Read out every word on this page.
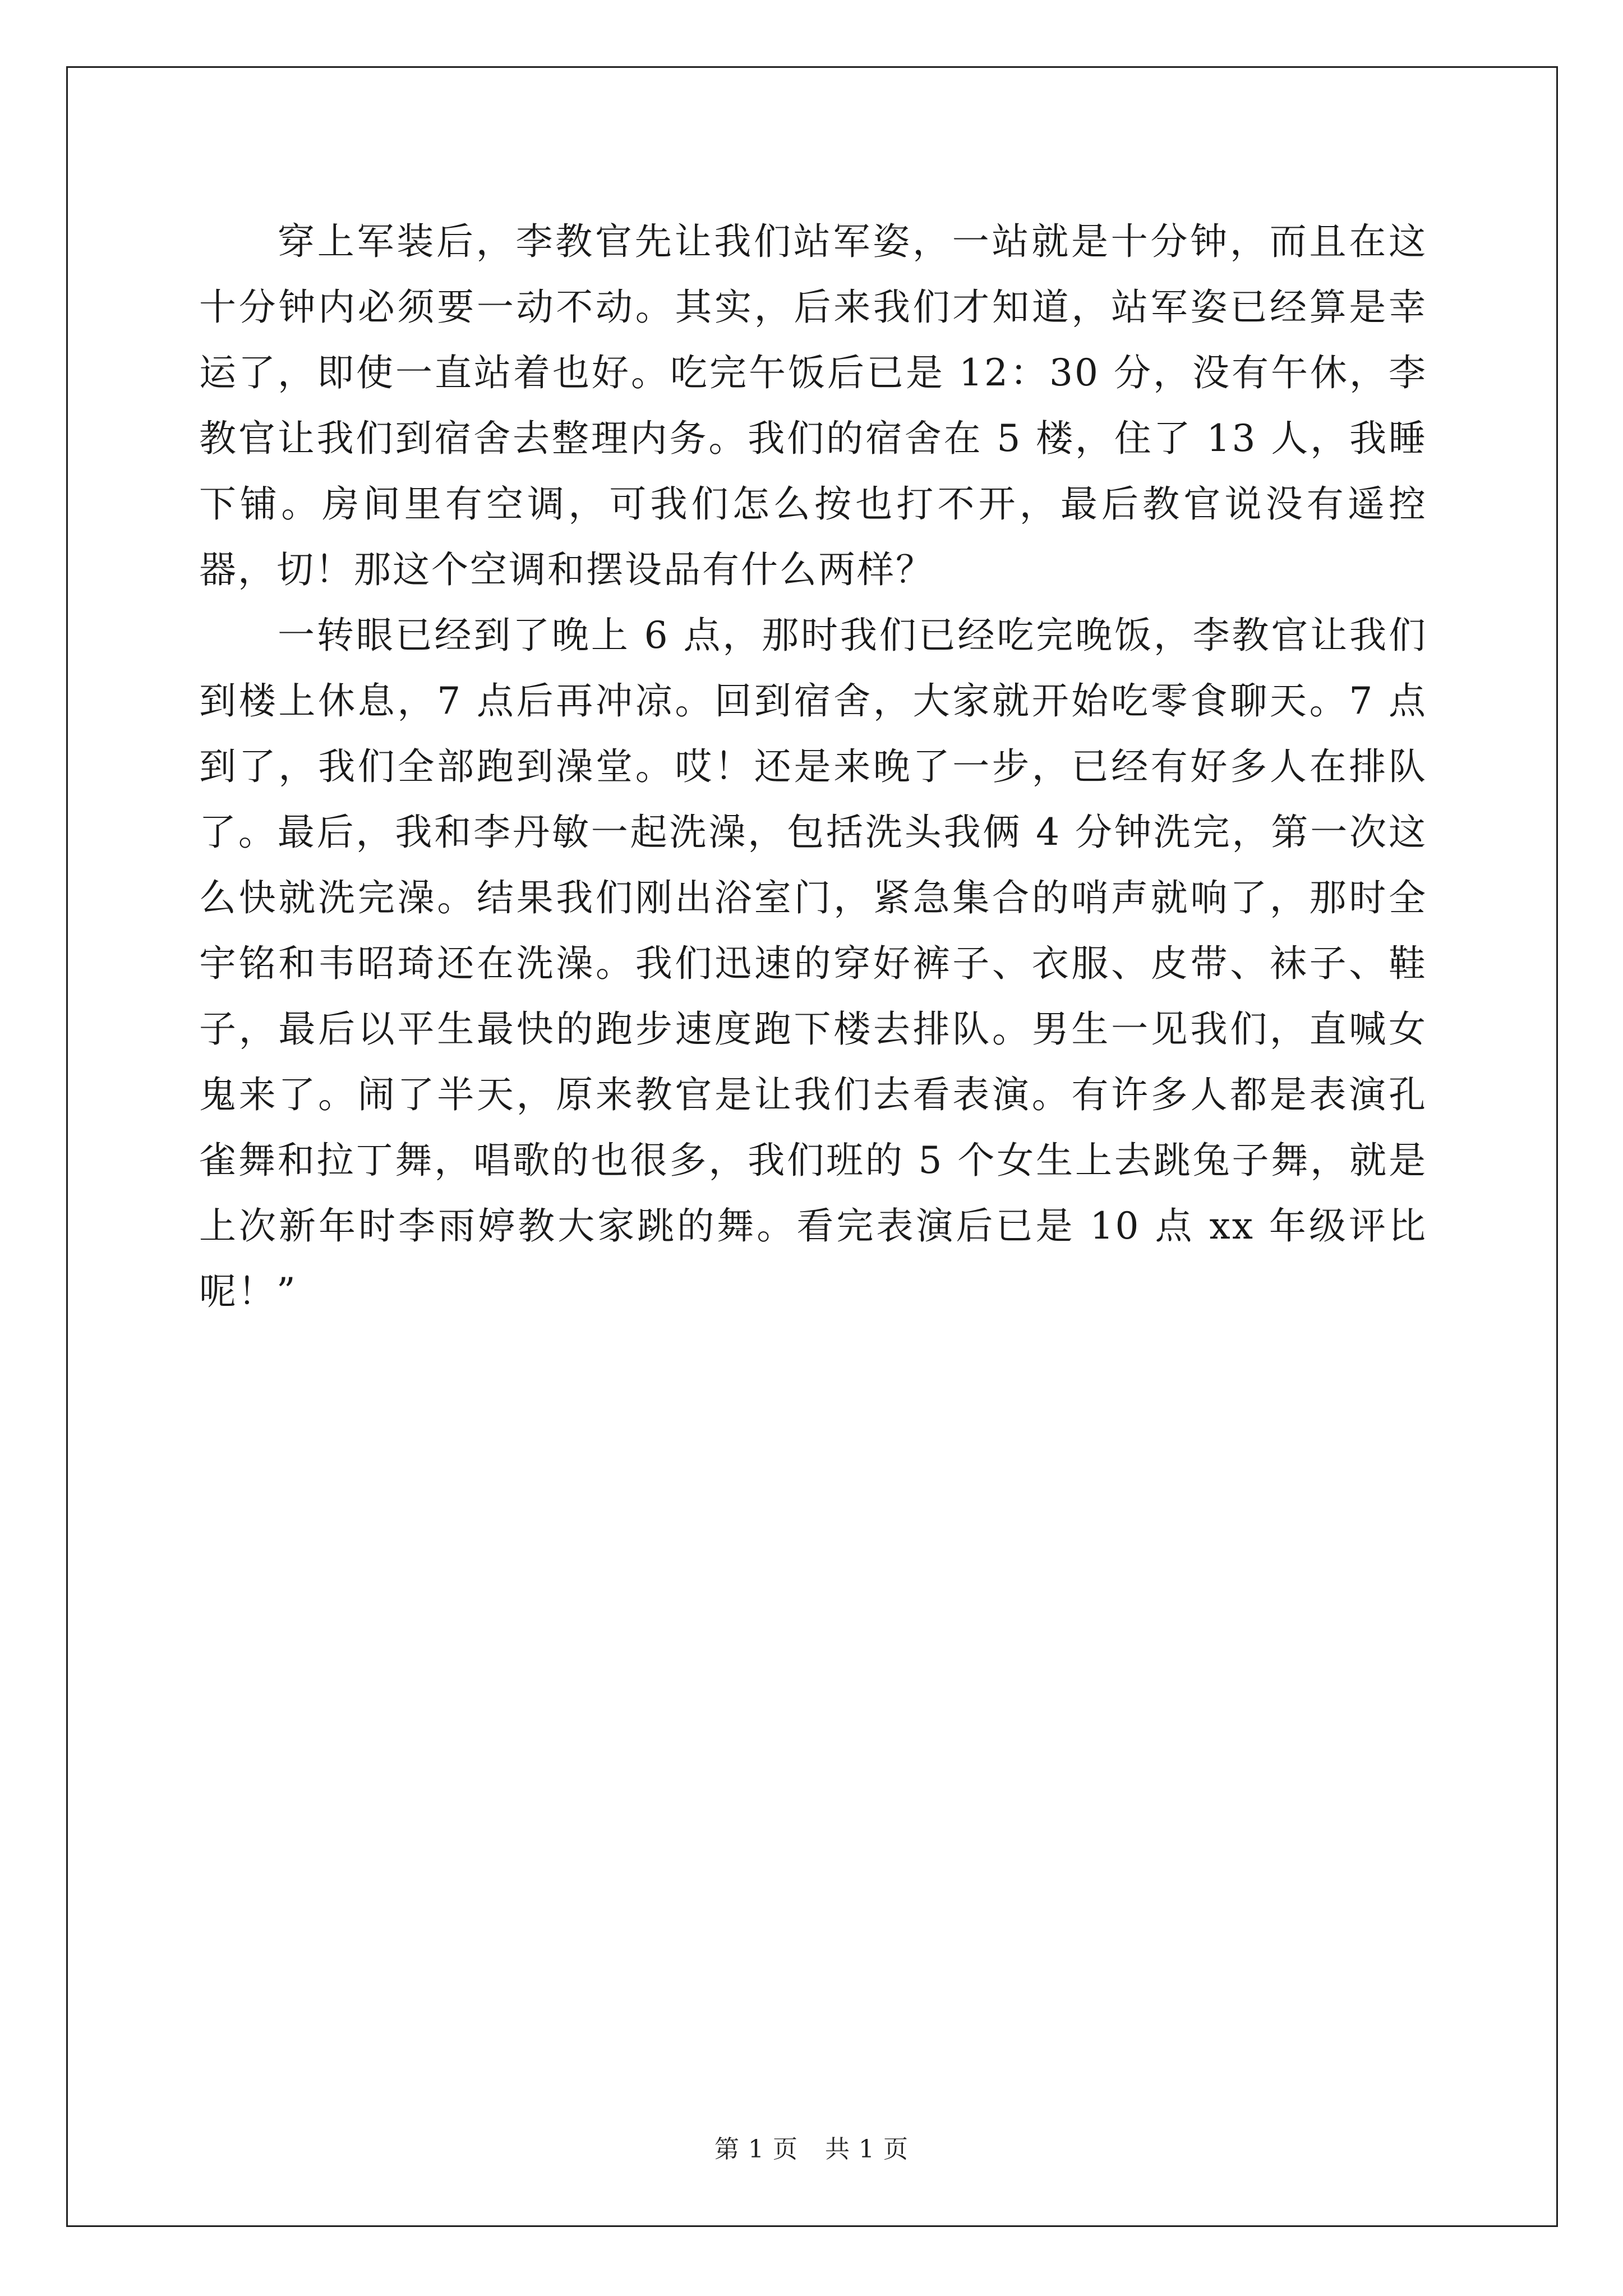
穿上军装后，李教官先让我们站军姿，一站就是十分钟，而且在这十分钟内必须要一动不动。其实，后来我们才知道，站军姿已经算是幸运了，即使一直站着也好。吃完午饭后已是 12：30 分，没有午休，李教官让我们到宿舍去整理内务。我们的宿舍在 5 楼，住了 13 人，我睡下铺。房间里有空调，可我们怎么按也打不开，最后教官说没有遥控器，切！那这个空调和摆设品有什么两样？

一转眼已经到了晚上 6 点，那时我们已经吃完晚饭，李教官让我们到楼上休息，7 点后再冲凉。回到宿舍，大家就开始吃零食聊天。7 点到了，我们全部跑到澡堂。哎！还是来晚了一步，已经有好多人在排队了。最后，我和李丹敏一起洗澡，包括洗头我俩 4 分钟洗完，第一次这么快就洗完澡。结果我们刚出浴室门，紧急集合的哨声就响了，那时全宇铭和韦昭琦还在洗澡。我们迅速的穿好裤子、衣服、皮带、袜子、鞋子，最后以平生最快的跑步速度跑下楼去排队。男生一见我们，直喊女鬼来了。闹了半天，原来教官是让我们去看表演。有许多人都是表演孔雀舞和拉丁舞，唱歌的也很多，我们班的 5 个女生上去跳兔子舞，就是上次新年时李雨婷教大家跳的舞。看完表演后已是 10 点 xx 年级评比呢！”

第 1 页 共 1 页
